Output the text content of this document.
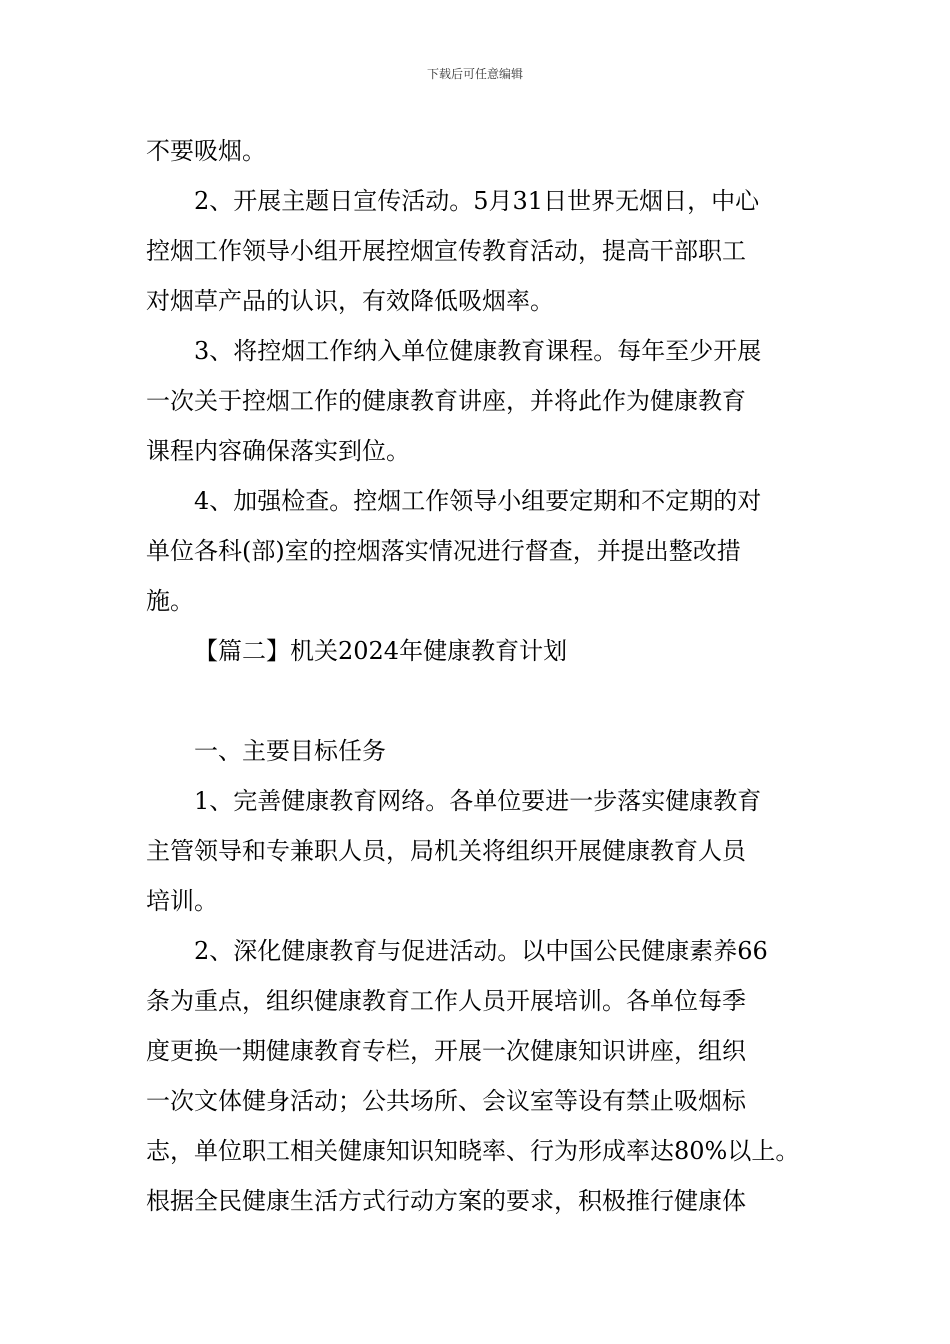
下载后可任意编辑
不要吸烟。
2、开展主题日宣传活动。5月31日世界无烟日，中心
控烟工作领导小组开展控烟宣传教育活动，提高干部职工
对烟草产品的认识，有效降低吸烟率。
3、将控烟工作纳入单位健康教育课程。每年至少开展
一次关于控烟工作的健康教育讲座，并将此作为健康教育
课程内容确保落实到位。
4、加强检查。控烟工作领导小组要定期和不定期的对
单位各科(部)室的控烟落实情况进行督查，并提出整改措
施。
【篇二】机关2024年健康教育计划
一、主要目标任务
1、完善健康教育网络。各单位要进一步落实健康教育
主管领导和专兼职人员，局机关将组织开展健康教育人员
培训。
2、深化健康教育与促进活动。以中国公民健康素养66
条为重点，组织健康教育工作人员开展培训。各单位每季
度更换一期健康教育专栏，开展一次健康知识讲座，组织
一次文体健身活动；公共场所、会议室等设有禁止吸烟标
志，单位职工相关健康知识知晓率、行为形成率达80%以上。
根据全民健康生活方式行动方案的要求，积极推行健康体
